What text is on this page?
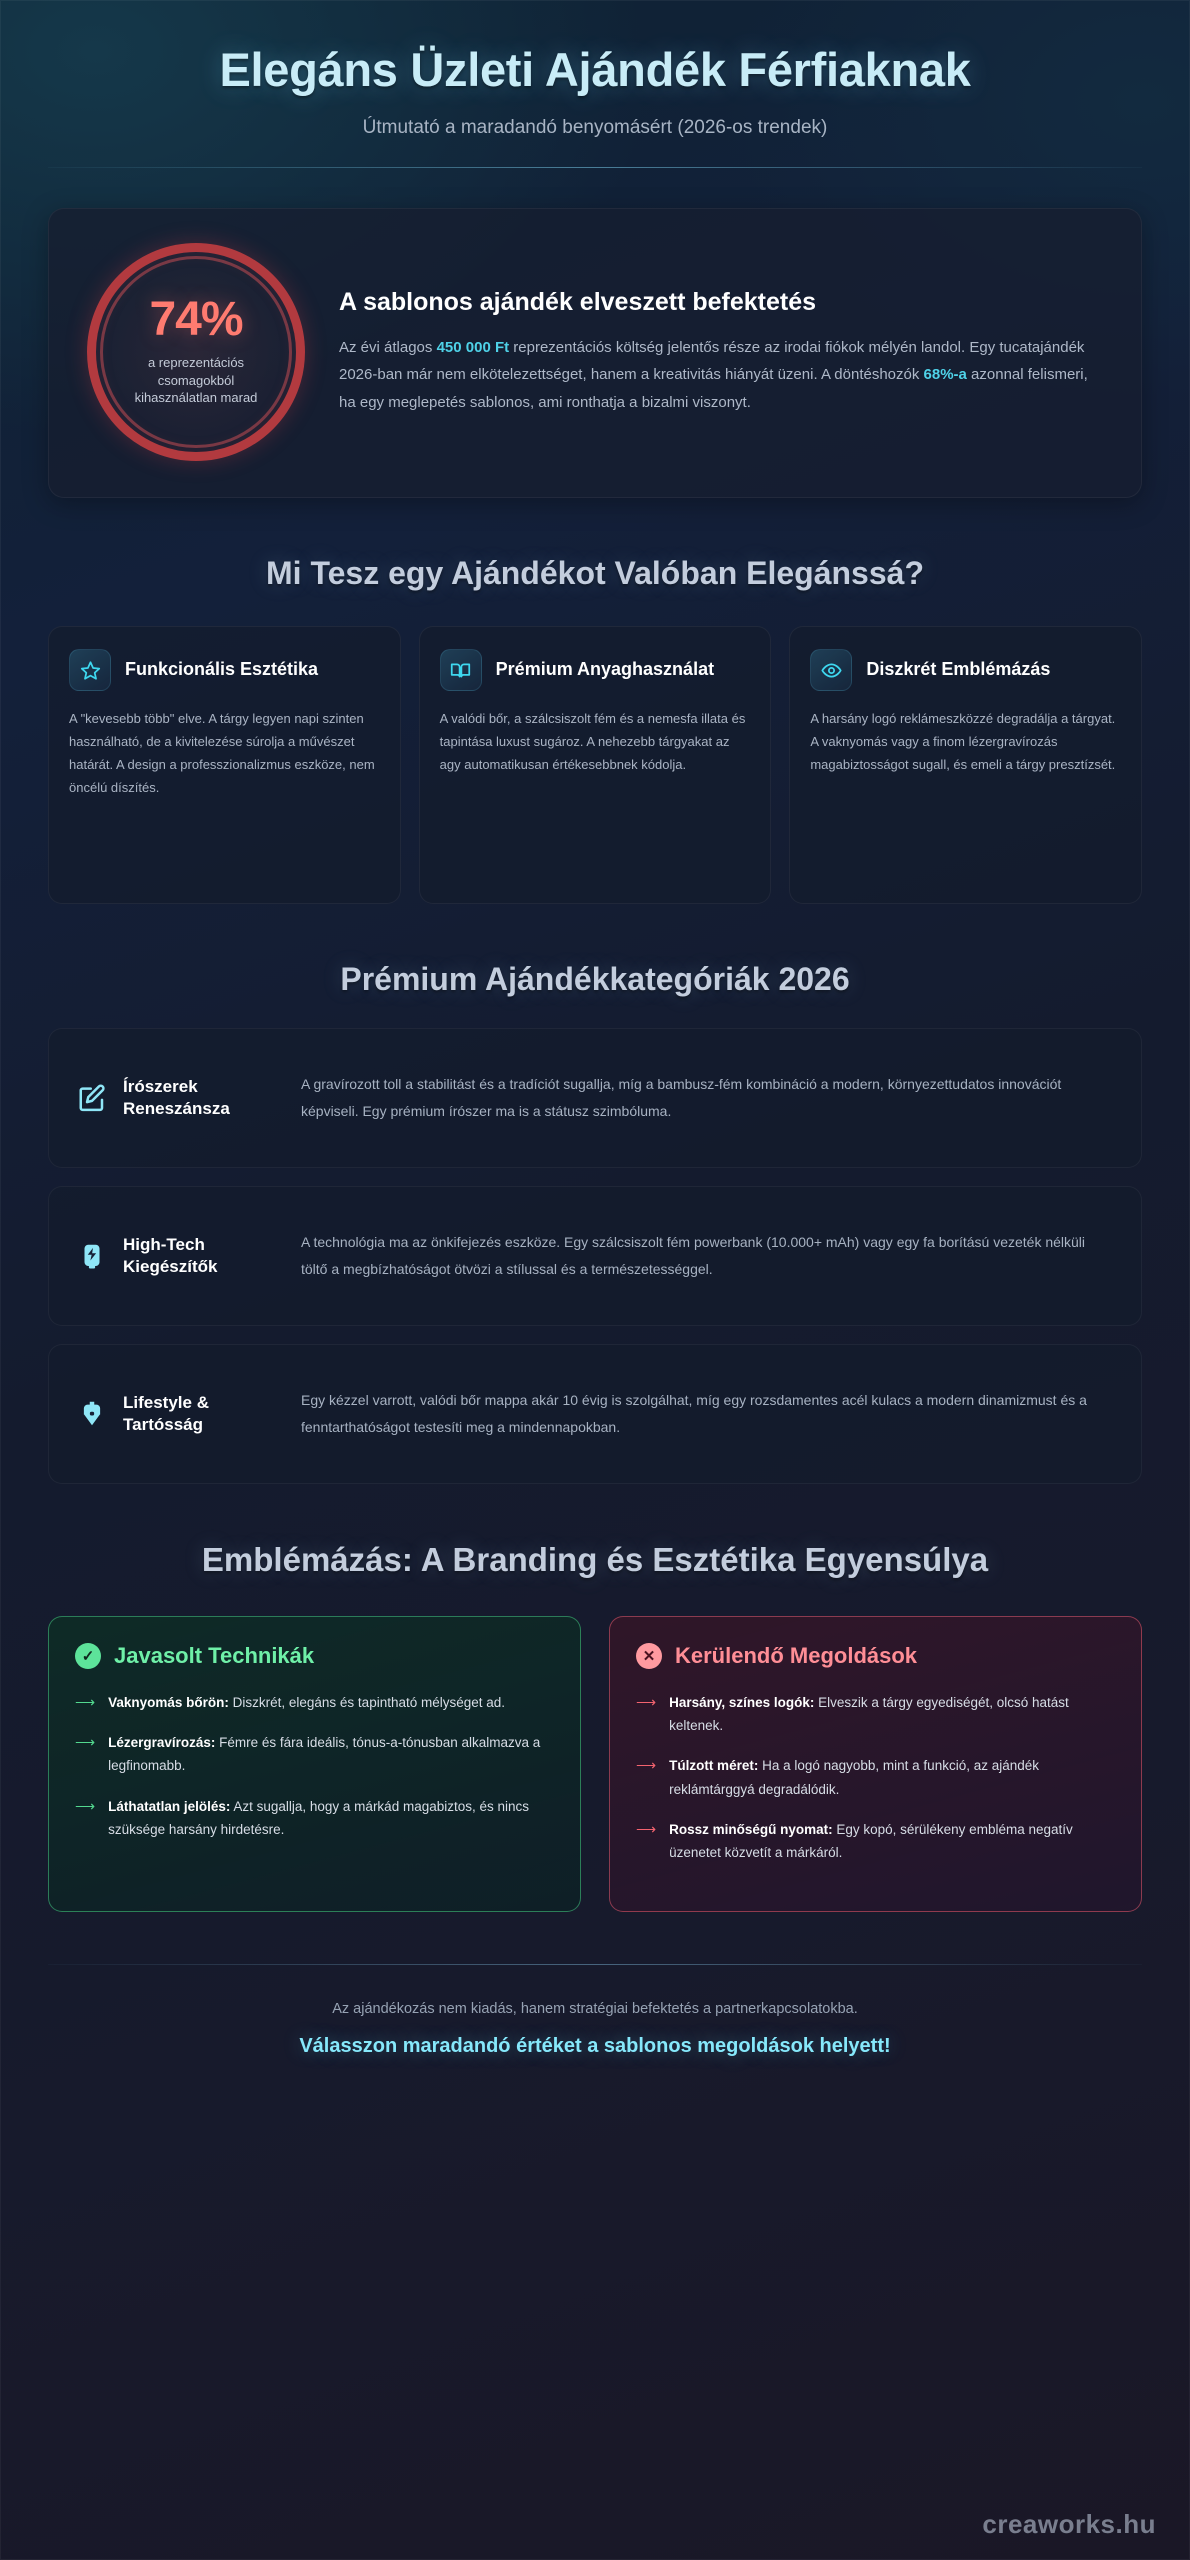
Elegáns Üzleti Ajándék Férfiaknak
Útmutató a maradandó benyomásért (2026-os trendek)
74%
a reprezentációs csomagokból kihasználatlan marad
A sablonos ajándék elveszett befektetés
Az évi átlagos 450 000 Ft reprezentációs költség jelentős része az irodai fiókok mélyén landol. Egy tucatajándék 2026-ban már nem elkötelezettséget, hanem a kreativitás hiányát üzeni. A döntéshozók 68%-a azonnal felismeri, ha egy meglepetés sablonos, ami ronthatja a bizalmi viszonyt.
Mi Tesz egy Ajándékot Valóban Elegánssá?
Funkcionális Esztétika
A "kevesebb több" elve. A tárgy legyen napi szinten használható, de a kivitelezése súrolja a művészet határát. A design a professzionalizmus eszköze, nem öncélú díszítés.
Prémium Anyaghasználat
A valódi bőr, a szálcsiszolt fém és a nemesfa illata és tapintása luxust sugároz. A nehezebb tárgyakat az agy automatikusan értékesebbnek kódolja.
Diszkrét Emblémázás
A harsány logó reklámeszközzé degradálja a tárgyat. A vaknyomás vagy a finom lézergravírozás magabiztosságot sugall, és emeli a tárgy presztízsét.
Prémium Ajándékkategóriák 2026
Írószerek Reneszánsza
A gravírozott toll a stabilitást és a tradíciót sugallja, míg a bambusz-fém kombináció a modern, környezettudatos innovációt képviseli. Egy prémium írószer ma is a státusz szimbóluma.
High-Tech Kiegészítők
A technológia ma az önkifejezés eszköze. Egy szálcsiszolt fém powerbank (10.000+ mAh) vagy egy fa borítású vezeték nélküli töltő a megbízhatóságot ötvözi a stílussal és a természetességgel.
Lifestyle & Tartósság
Egy kézzel varrott, valódi bőr mappa akár 10 évig is szolgálhat, míg egy rozsdamentes acél kulacs a modern dinamizmust és a fenntarthatóságot testesíti meg a mindennapokban.
Emblémázás: A Branding és Esztétika Egyensúlya
✓ Javasolt Technikák
⟶ Vaknyomás bőrön: Diszkrét, elegáns és tapintható mélységet ad.
⟶ Lézergravírozás: Fémre és fára ideális, tónus-a-tónusban alkalmazva a legfinomabb.
⟶ Láthatatlan jelölés: Azt sugallja, hogy a márkád magabiztos, és nincs szüksége harsány hirdetésre.
✕ Kerülendő Megoldások
⟶ Harsány, színes logók: Elveszik a tárgy egyediségét, olcsó hatást keltenek.
⟶ Túlzott méret: Ha a logó nagyobb, mint a funkció, az ajándék reklámtárggyá degradálódik.
⟶ Rossz minőségű nyomat: Egy kopó, sérülékeny embléma negatív üzenetet közvetít a márkáról.
Az ajándékozás nem kiadás, hanem stratégiai befektetés a partnerkapcsolatokba.
Válasszon maradandó értéket a sablonos megoldások helyett!
creaworks.hu
